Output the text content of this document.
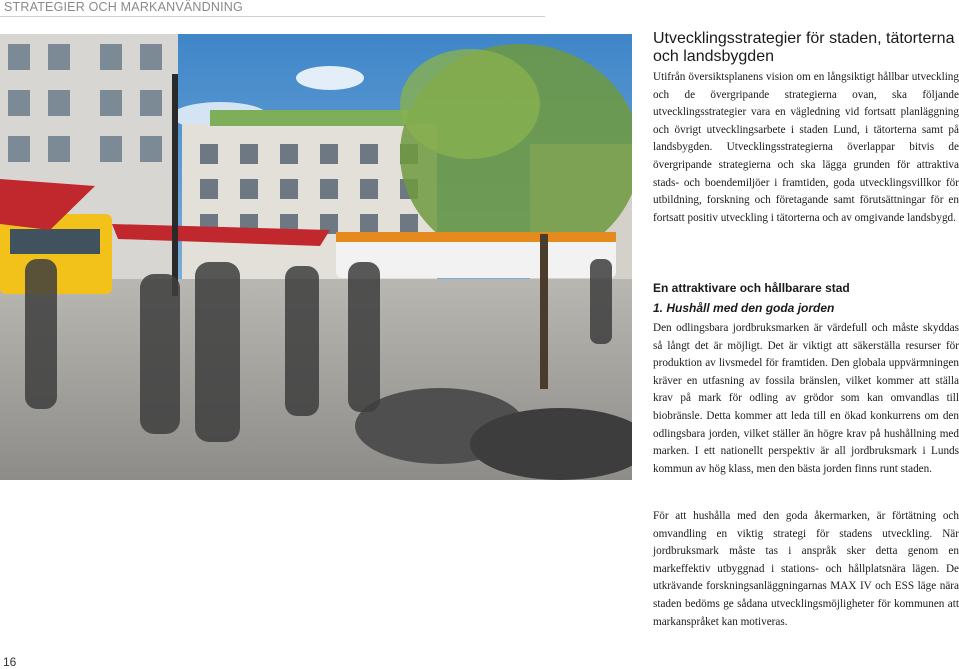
STRATEGIER OCH MARKANVÄNDNING
Utvecklingsstrategier för staden, tätorterna och landsbygden

Utifrån översiktsplanens vision om en långsiktigt hållbar utveckling och de övergripande strategierna ovan, ska följande utvecklingsstrategier vara en vägledning vid fortsatt planläggning och övrigt utvecklingsarbete i staden Lund, i tätorterna samt på landsbygden. Utvecklingsstrategierna överlappar bitvis de övergripande strategierna och ska lägga grunden för attraktiva stads- och boendemiljöer i framtiden, goda utvecklingsvillkor för utbildning, forskning och företagande samt förutsättningar för en fortsatt positiv utveckling i tätorterna och av omgivande landsbygd.

En attraktivare och hållbarare stad
1. Hushåll med den goda jorden

Den odlingsbara jordbruksmarken är värdefull och måste skyddas så långt det är möjligt. Det är viktigt att säkerställa resurser för produktion av livsmedel för framtiden. Den globala uppvärmningen kräver en utfasning av fossila bränslen, vilket kommer att ställa krav på mark för odling av grödor som kan omvandlas till biobränsle. Detta kommer att leda till en ökad konkurrens om den odlingsbara jorden, vilket ställer än högre krav på hushållning med marken. I ett nationellt perspektiv är all jordbruksmark i Lunds kommun av hög klass, men den bästa jorden finns runt staden.

För att hushålla med den goda åkermarken, är förtätning och omvandling en viktig strategi för stadens utveckling. När jordbruksmark måste tas i anspråk sker detta genom en markeffektiv utbyggnad i stations- och hållplatsnära lägen. De utkrävande forskningsanläggningarnas MAX IV och ESS läge nära staden bedöms ge sådana utvecklingsmöjligheter för kommunen att markanspråket kan motiveras.

16
